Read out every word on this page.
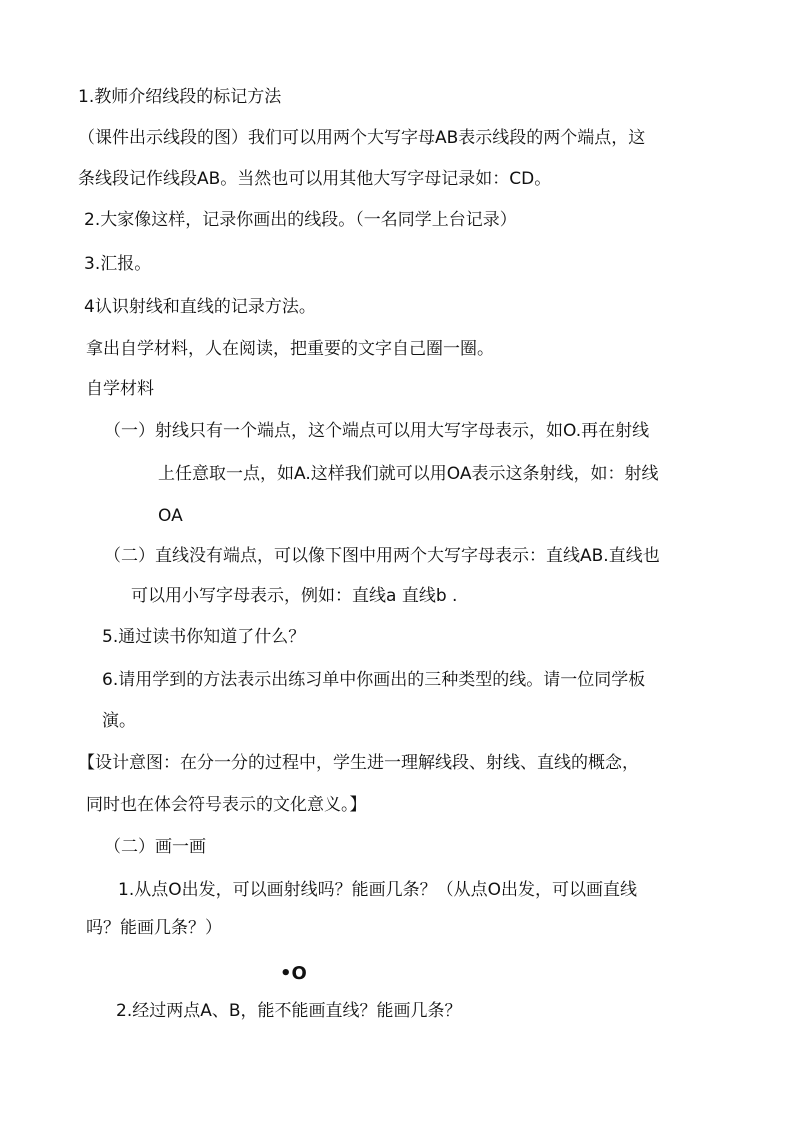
1.教师介绍线段的标记方法
（课件出示线段的图）我们可以用两个大写字母AB表示线段的两个端点，这
条线段记作线段AB。当然也可以用其他大写字母记录如：CD。
2.大家像这样，记录你画出的线段。（一名同学上台记录）
3.汇报。
4认识射线和直线的记录方法。
拿出自学材料，人在阅读，把重要的文字自己圈一圈。
自学材料
（一）射线只有一个端点，这个端点可以用大写字母表示，如O.再在射线
上任意取一点，如A.这样我们就可以用OA表示这条射线，如：射线
OA
（二）直线没有端点，可以像下图中用两个大写字母表示：直线AB.直线也
可以用小写字母表示，例如：直线a 直线b .
5.通过读书你知道了什么？
6.请用学到的方法表示出练习单中你画出的三种类型的线。请一位同学板
演。
【设计意图：在分一分的过程中，学生进一理解线段、射线、直线的概念，
同时也在体会符号表示的文化意义。】
（二）画一画
1.从点O出发，可以画射线吗？能画几条？（从点O出发，可以画直线
吗？能画几条？）
•O
2.经过两点A、B，能不能画直线？能画几条？
